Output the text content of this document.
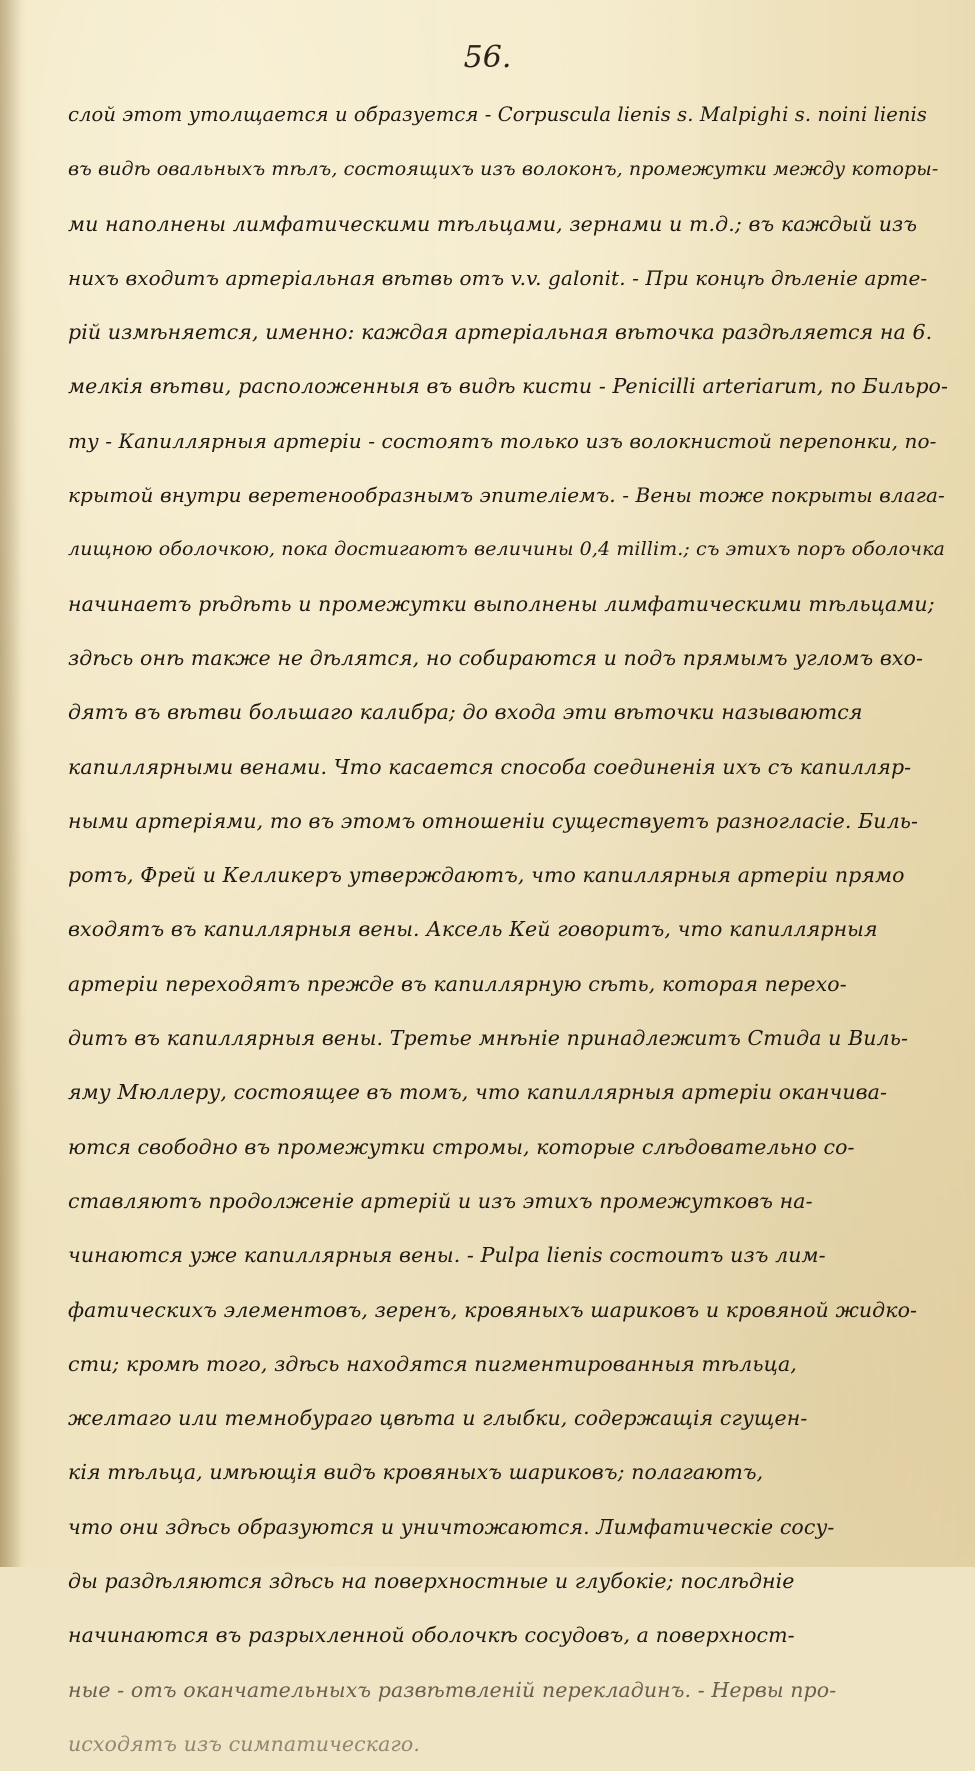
56.
слой этот утолщается и образуется - Corpuscula lienis s. Malpighi s. noini lienis
въ видѣ овальныхъ тѣлъ, состоящихъ изъ волоконъ, промежутки между которы-
ми наполнены лимфатическими тѣльцами, зернами и т.д.; въ каждый изъ
нихъ входитъ артеріальная вѣтвь отъ v.v. galonit. - При концѣ дѣленіе арте-
рій измѣняется, именно: каждая артеріальная вѣточка раздѣляется на 6.
мелкія вѣтви, расположенныя въ видѣ кисти - Penicilli arteriarum, по Бильро-
ту - Капиллярныя артеріи - состоятъ только изъ волокнистой перепонки, по-
крытой внутри веретенообразнымъ эпителіемъ. - Вены тоже покрыты влага-
лищною оболочкою, пока достигаютъ величины 0,4 millim.; съ этихъ поръ оболочка
начинаетъ рѣдѣть и промежутки выполнены лимфатическими тѣльцами;
здѣсь онѣ также не дѣлятся, но собираются и подъ прямымъ угломъ вхо-
дятъ въ вѣтви большаго калибра; до входа эти вѣточки называются
капиллярными венами. Что касается способа соединенія ихъ съ капилляр-
ными артеріями, то въ этомъ отношеніи существуетъ разногласіе. Биль-
ротъ, Фрей и Келликеръ утверждаютъ, что капиллярныя артеріи прямо
входятъ въ капиллярныя вены. Аксель Кей говоритъ, что капиллярныя
артеріи переходятъ прежде въ капиллярную сѣть, которая перехо-
дитъ въ капиллярныя вены. Третье мнѣніе принадлежитъ Стида и Виль-
яму Мюллеру, состоящее въ томъ, что капиллярныя артеріи оканчива-
ются свободно въ промежутки стромы, которые слѣдовательно со-
ставляютъ продолженіе артерій и изъ этихъ промежутковъ на-
чинаются уже капиллярныя вены. - Pulpa lienis состоитъ изъ лим-
фатическихъ элементовъ, зеренъ, кровяныхъ шариковъ и кровяной жидко-
сти; кромѣ того, здѣсь находятся пигментированныя тѣльца,
желтаго или темнобураго цвѣта и глыбки, содержащія сгущен-
кія тѣльца, имѣющія видъ кровяныхъ шариковъ; полагаютъ,
что они здѣсь образуются и уничтожаются. Лимфатическіе сосу-
ды раздѣляются здѣсь на поверхностные и глубокіе; послѣдніе
начинаются въ разрыхленной оболочкѣ сосудовъ, а поверхност-
ные - отъ оканчательныхъ развѣтвленій перекладинъ. - Нервы про-
исходятъ изъ симпатическаго.
